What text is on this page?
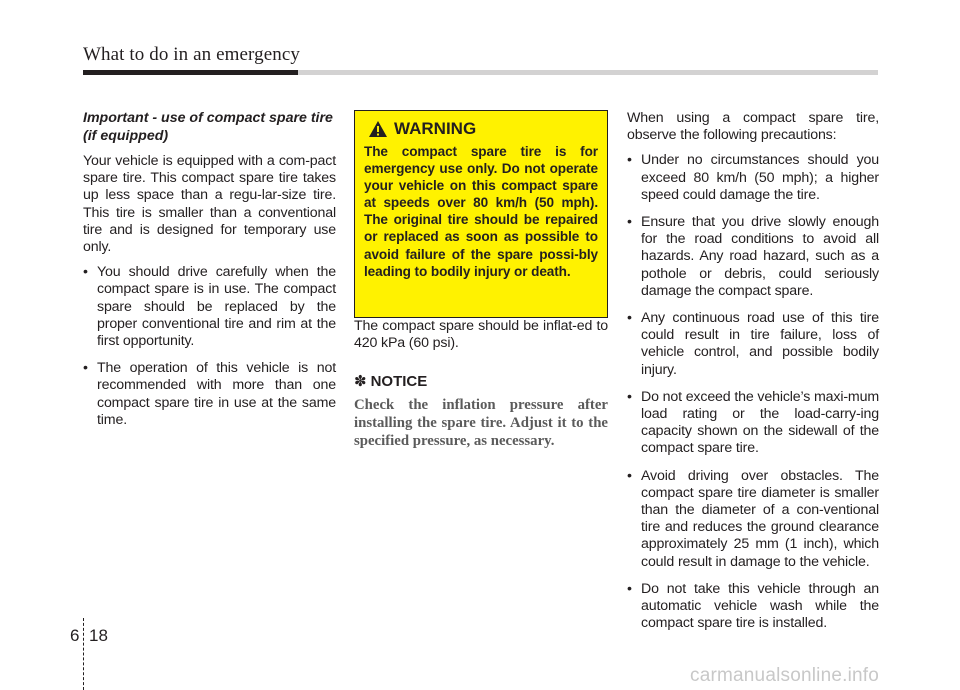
What to do in an emergency
Important - use of compact spare tire (if equipped)

Your vehicle is equipped with a com-pact spare tire. This compact spare tire takes up less space than a regu-lar-size tire. This tire is smaller than a conventional tire and is designed for temporary use only.

• You should drive carefully when the compact spare is in use. The compact spare should be replaced by the proper conventional tire and rim at the first opportunity.
• The operation of this vehicle is not recommended with more than one compact spare tire in use at the same time.
WARNING
The compact spare tire is for emergency use only. Do not operate your vehicle on this compact spare at speeds over 80 km/h (50 mph). The original tire should be repaired or replaced as soon as possible to avoid failure of the spare possi-bly leading to bodily injury or death.

The compact spare should be inflat-ed to 420 kPa (60 psi).

✽ NOTICE
Check the inflation pressure after installing the spare tire. Adjust it to the specified pressure, as necessary.

When using a compact spare tire, observe the following precautions:

• Under no circumstances should you exceed 80 km/h (50 mph); a higher speed could damage the tire.
• Ensure that you drive slowly enough for the road conditions to avoid all hazards. Any road hazard, such as a pothole or debris, could seriously damage the compact spare.
• Any continuous road use of this tire could result in tire failure, loss of vehicle control, and possible bodily injury.
• Do not exceed the vehicle’s maxi-mum load rating or the load-carry-ing capacity shown on the sidewall of the compact spare tire.
• Avoid driving over obstacles. The compact spare tire diameter is smaller than the diameter of a con-ventional tire and reduces the ground clearance approximately 25 mm (1 inch), which could result in damage to the vehicle.
• Do not take this vehicle through an automatic vehicle wash while the compact spare tire is installed.
6 18
carmanualsonline.info
